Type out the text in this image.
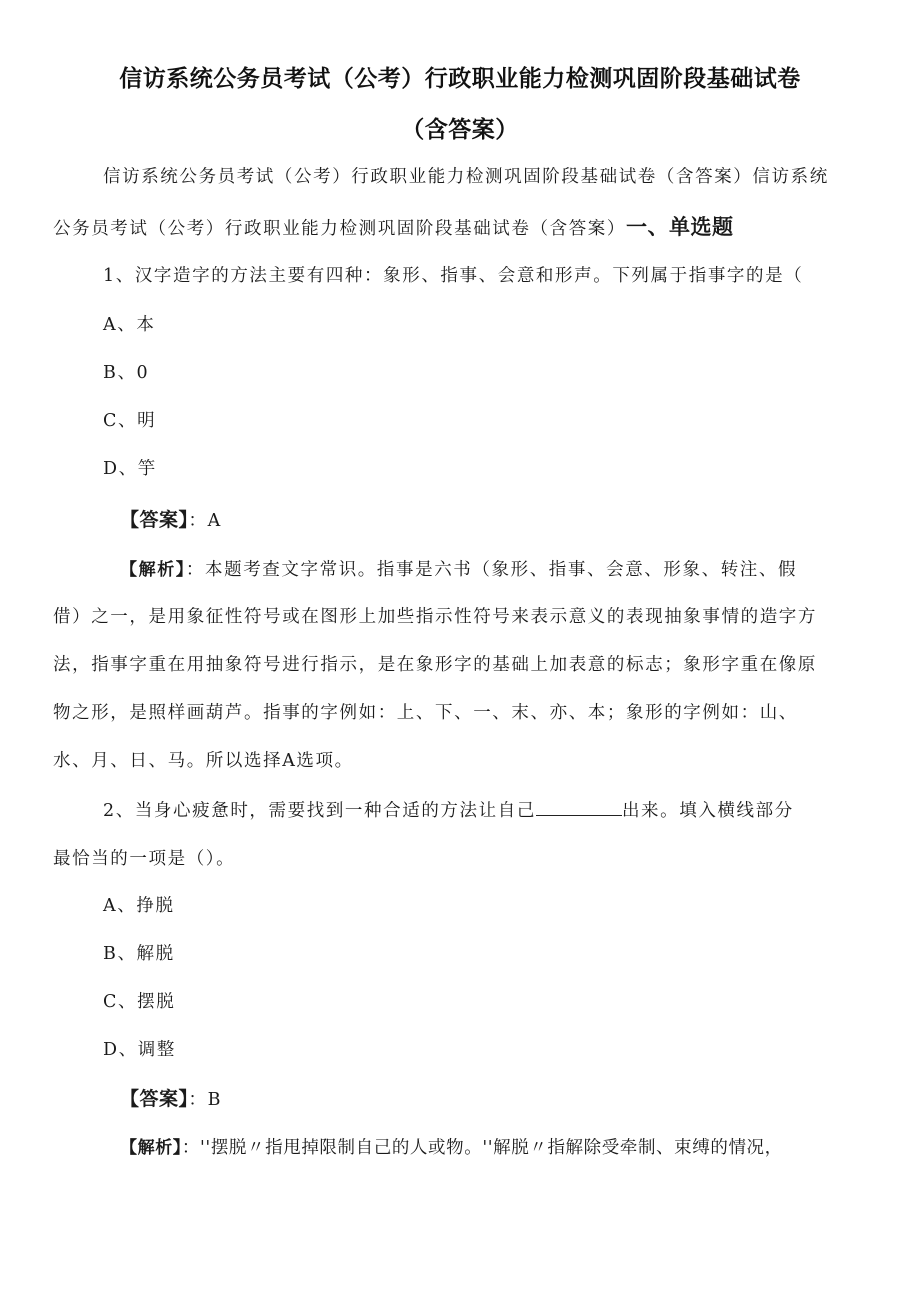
信访系统公务员考试（公考）行政职业能力检测巩固阶段基础试卷
（含答案）
信访系统公务员考试（公考）行政职业能力检测巩固阶段基础试卷（含答案）信访系统
公务员考试（公考）行政职业能力检测巩固阶段基础试卷（含答案）一、单选题
1、汉字造字的方法主要有四种：象形、指事、会意和形声。下列属于指事字的是（
A、本
B、0
C、明
D、竽
【答案】：A
【解析】：本题考查文字常识。指事是六书（象形、指事、会意、形象、转注、假
借）之一，是用象征性符号或在图形上加些指示性符号来表示意义的表现抽象事情的造字方
法，指事字重在用抽象符号进行指示，是在象形字的基础上加表意的标志；象形字重在像原
物之形，是照样画葫芦。指事的字例如：上、下、一、末、亦、本；象形的字例如：山、
水、月、日、马。所以选择A选项。
2、当身心疲惫时，需要找到一种合适的方法让自己	出来。填入横线部分
最恰当的一项是（）。
A、挣脱
B、解脱
C、摆脱
D、调整
【答案】：B
【解析】：''摆脱〃指甩掉限制自己的人或物。''解脱〃指解除受牵制、束缚的情况，
